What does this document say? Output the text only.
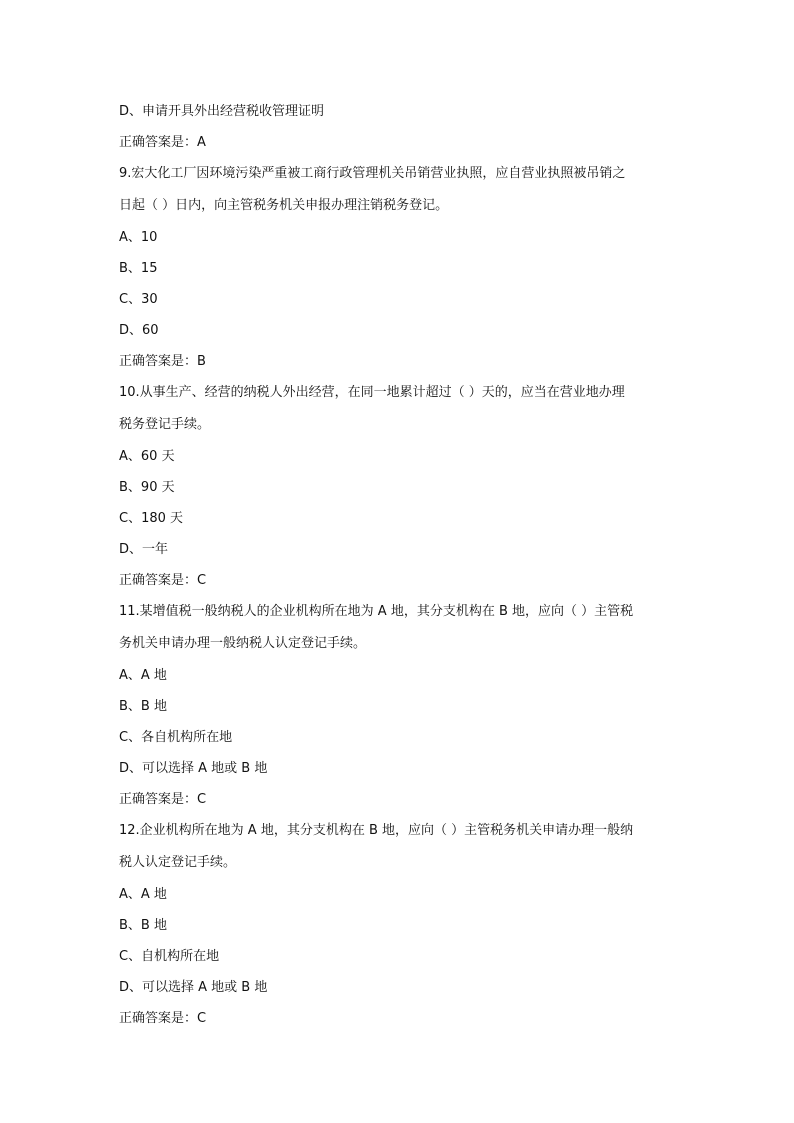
D、申请开具外出经营税收管理证明
正确答案是：A
9.宏大化工厂因环境污染严重被工商行政管理机关吊销营业执照，应自营业执照被吊销之
日起（ ）日内，向主管税务机关申报办理注销税务登记。
A、10
B、15
C、30
D、60
正确答案是：B
10.从事生产、经营的纳税人外出经营，在同一地累计超过（ ）天的，应当在营业地办理
税务登记手续。
A、60 天
B、90 天
C、180 天
D、一年
正确答案是：C
11.某增值税一般纳税人的企业机构所在地为 A 地，其分支机构在 B 地，应向（ ）主管税
务机关申请办理一般纳税人认定登记手续。
A、A 地
B、B 地
C、各自机构所在地
D、可以选择 A 地或 B 地
正确答案是：C
12.企业机构所在地为 A 地，其分支机构在 B 地，应向（ ）主管税务机关申请办理一般纳
税人认定登记手续。
A、A 地
B、B 地
C、自机构所在地
D、可以选择 A 地或 B 地
正确答案是：C
